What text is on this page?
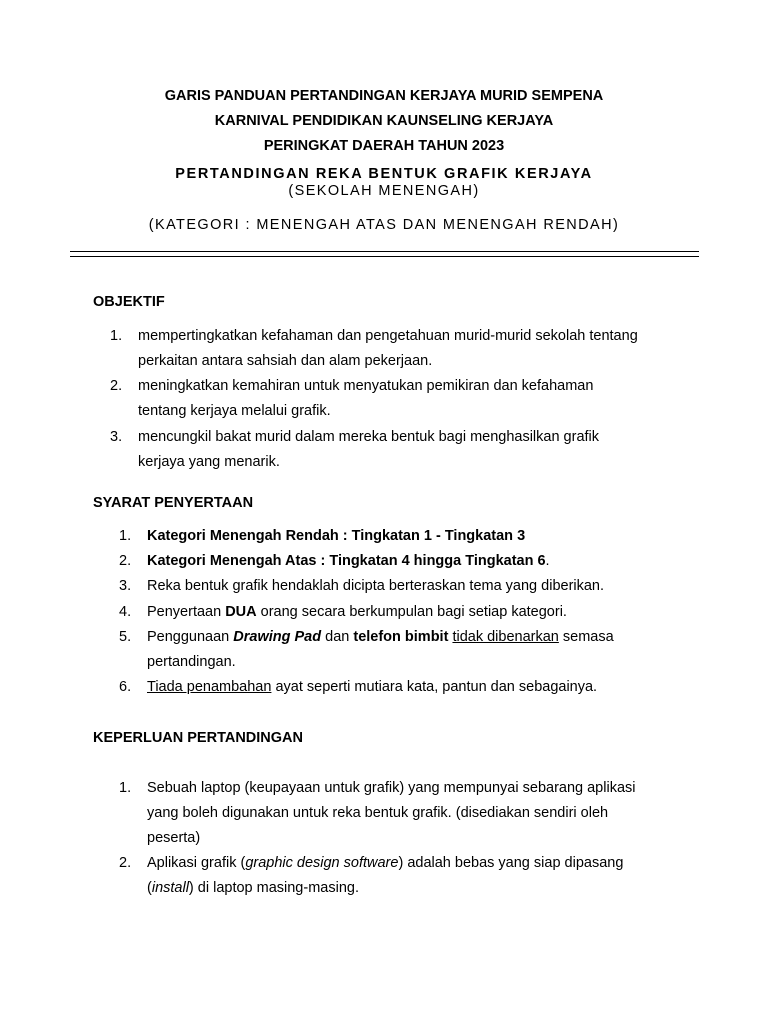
GARIS PANDUAN PERTANDINGAN KERJAYA MURID SEMPENA
KARNIVAL PENDIDIKAN KAUNSELING KERJAYA
PERINGKAT DAERAH TAHUN 2023
PERTANDINGAN REKA BENTUK GRAFIK KERJAYA
(SEKOLAH MENENGAH)
(KATEGORI : MENENGAH ATAS DAN MENENGAH RENDAH)
OBJEKTIF
1.	mempertingkatkan kefahaman dan pengetahuan murid-murid sekolah tentang
perkaitan antara sahsiah dan alam pekerjaan.
2.	meningkatkan kemahiran untuk menyatukan pemikiran dan kefahaman
tentang kerjaya melalui grafik.
3.	mencungkil bakat murid dalam mereka bentuk bagi menghasilkan grafik
kerjaya yang menarik.
SYARAT PENYERTAAN
1.	Kategori Menengah Rendah : Tingkatan 1 - Tingkatan 3
2.	Kategori Menengah Atas : Tingkatan 4 hingga Tingkatan 6.
3.	Reka bentuk grafik hendaklah dicipta berteraskan tema yang diberikan.
4.	Penyertaan DUA orang secara berkumpulan bagi setiap kategori.
5.	Penggunaan Drawing Pad dan telefon bimbit tidak dibenarkan semasa
pertandingan.
6.	Tiada penambahan ayat seperti mutiara kata, pantun dan sebagainya.
KEPERLUAN PERTANDINGAN
1.	Sebuah laptop (keupayaan untuk grafik) yang mempunyai sebarang aplikasi
yang boleh digunakan untuk reka bentuk grafik. (disediakan sendiri oleh
peserta)
2.	Aplikasi grafik (graphic design software) adalah bebas yang siap dipasang
(install) di laptop masing-masing.
